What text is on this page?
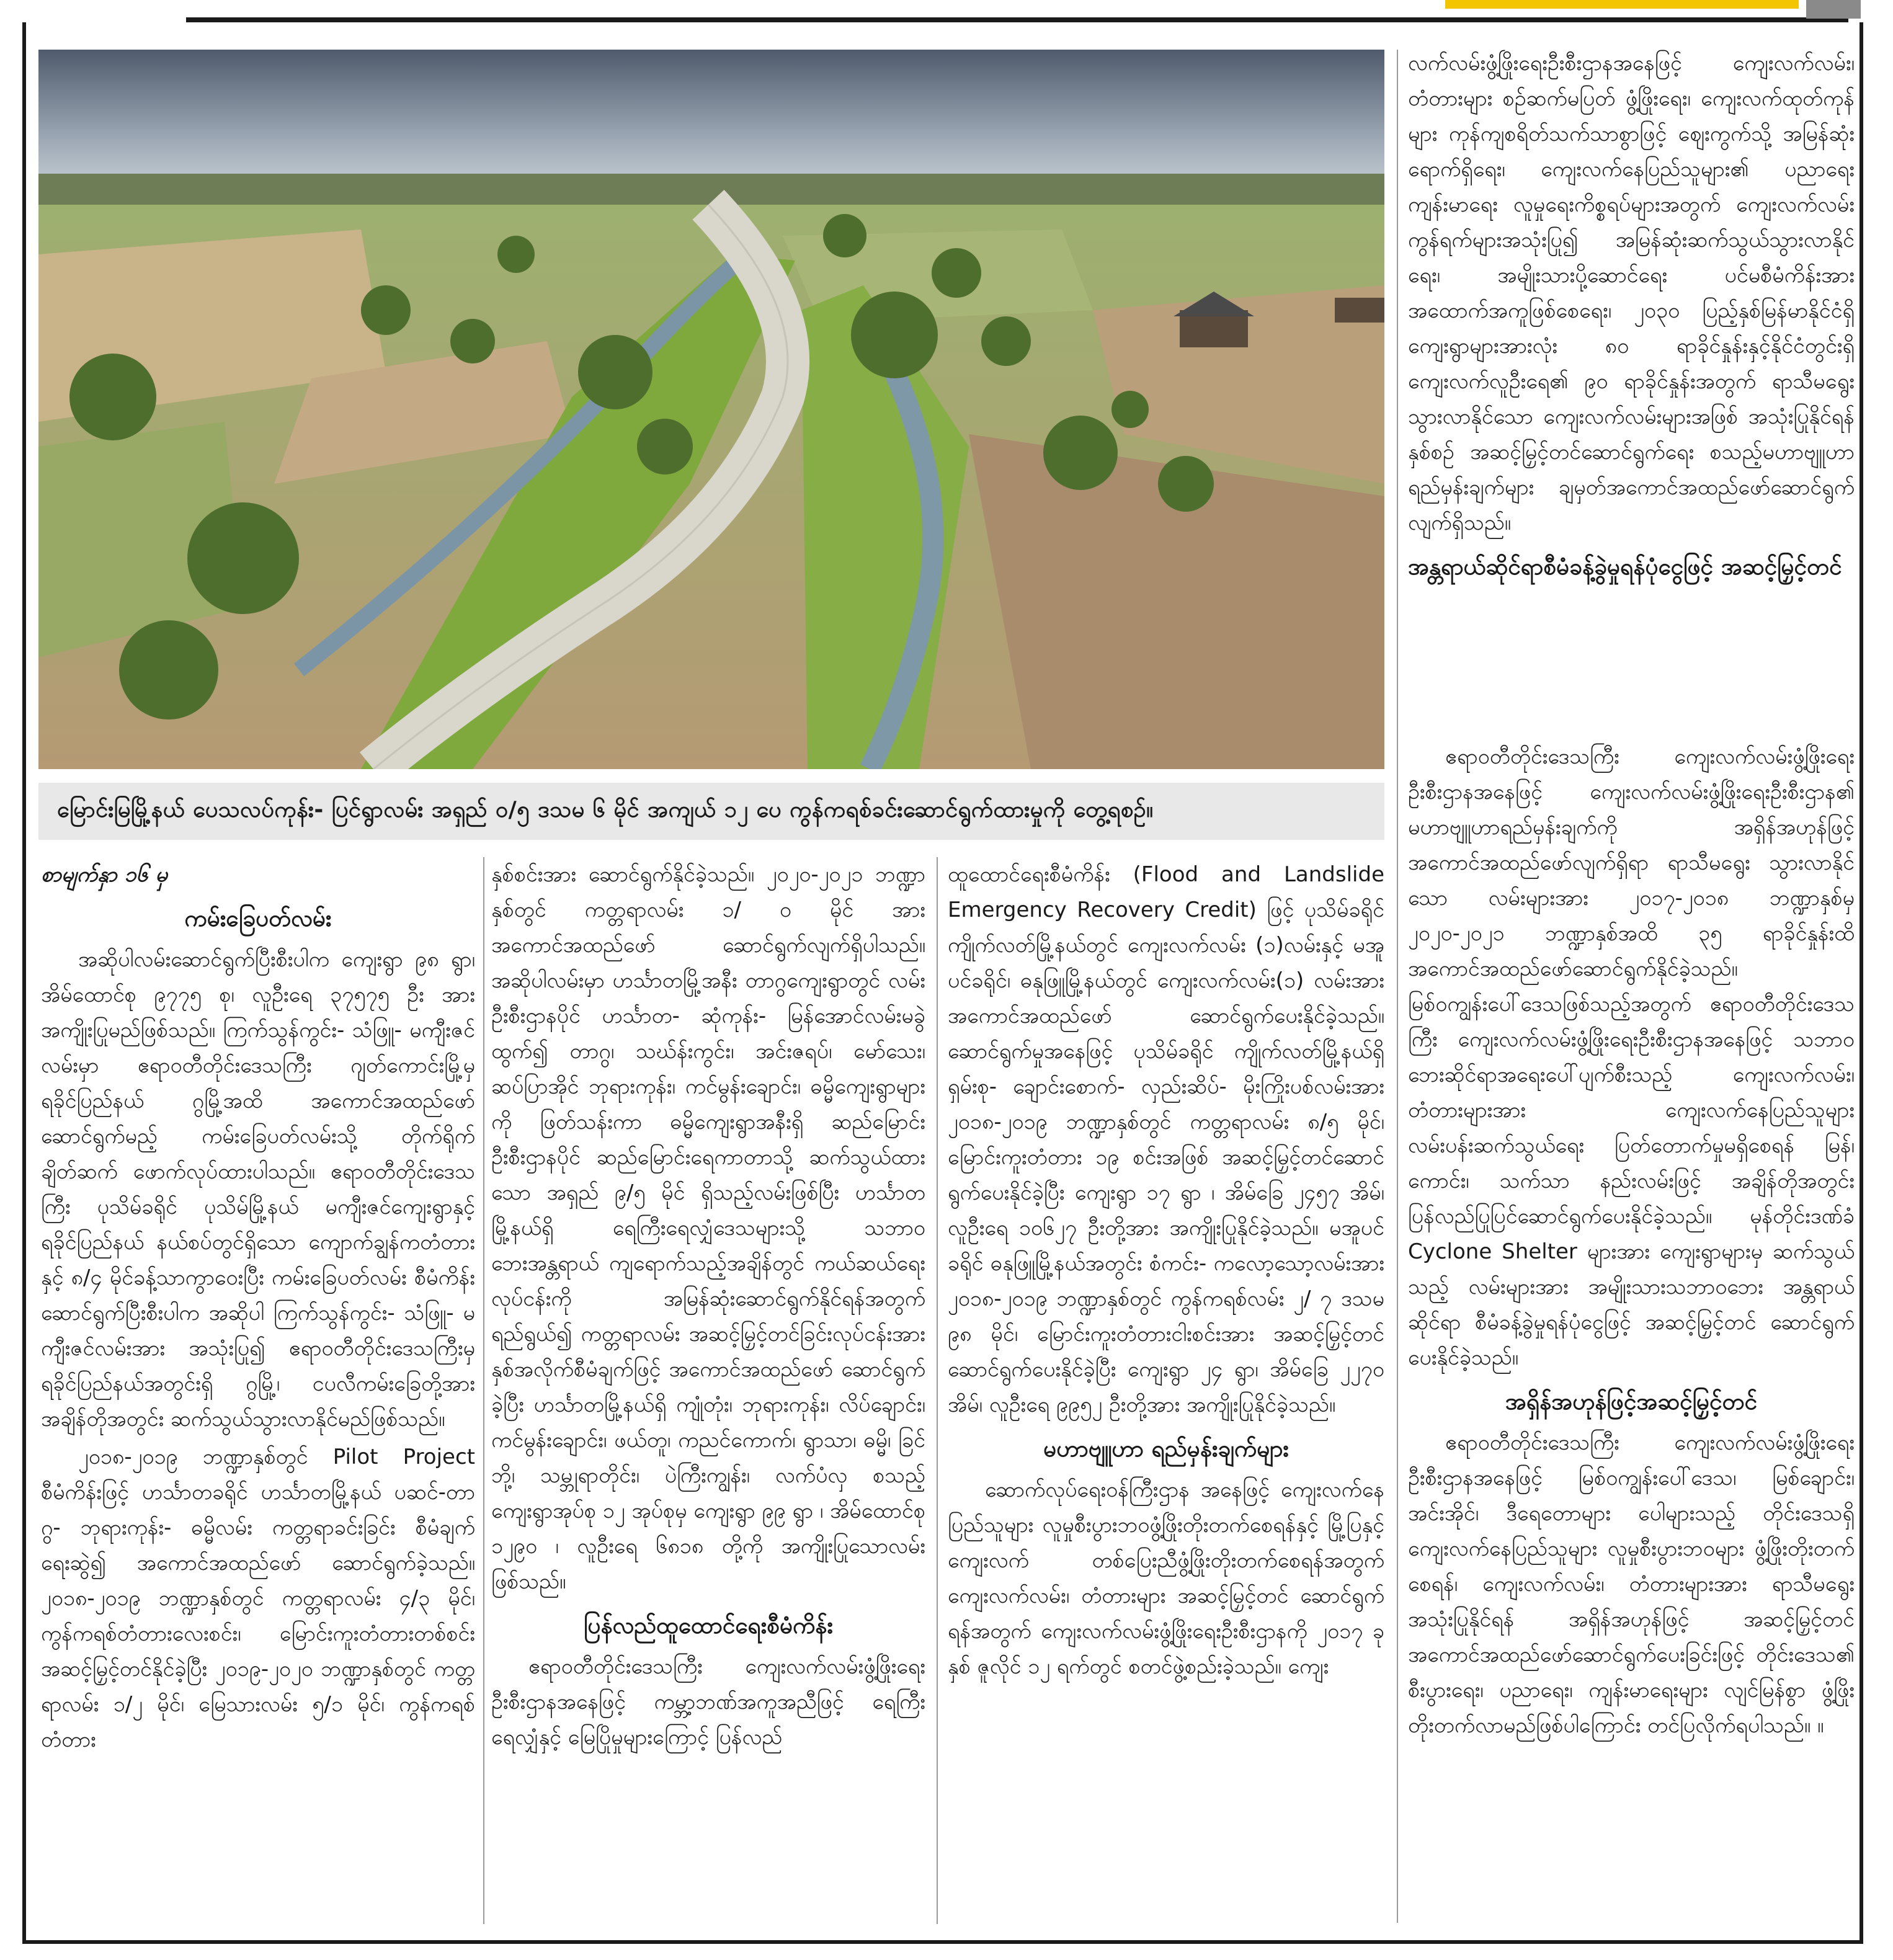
မြောင်းမြမြို့နယ် ပေသလပ်ကုန်း- ပြင်ရွာလမ်း အရှည် ဝ/၅ ဒသမ ၆ မိုင် အကျယ် ၁၂ ပေ ကွန်ကရစ်ခင်းဆောင်ရွက်ထားမှုကို တွေ့ရစဉ်။

လက်လမ်းဖွံ့ဖြိုးရေးဦးစီးဌာနအနေဖြင့် ကျေးလက်လမ်း၊ တံတားများ စဉ်ဆက်မပြတ် ဖွံ့ဖြိုးရေး၊ ကျေးလက်ထုတ်ကုန်များ ကုန်ကျစရိတ်သက်သာစွာဖြင့် ဈေးကွက်သို့ အမြန်ဆုံးရောက်ရှိရေး၊ ကျေးလက်နေပြည်သူများ၏ ပညာရေးကျန်းမာရေး လူမှုရေးကိစ္စရပ်များအတွက် ကျေးလက်လမ်းကွန်ရက်များအသုံးပြု၍ အမြန်ဆုံးဆက်သွယ်သွားလာနိုင်ရေး၊ အမျိုးသားပို့ဆောင်ရေး ပင်မစီမံကိန်းအား အထောက်အကူဖြစ်စေရေး၊ ၂၀၃၀ ပြည့်နှစ်မြန်မာနိုင်ငံရှိ ကျေးရွာများအားလုံး ၈၀ ရာခိုင်နှုန်းနှင့်နိုင်ငံတွင်းရှိ ကျေးလက်လူဦးရေ၏ ၉၀ ရာခိုင်နှုန်းအတွက် ရာသီမရွေး သွားလာနိုင်သော ကျေးလက်လမ်းများအဖြစ် အသုံးပြုနိုင်ရန်နှစ်စဉ် အဆင့်မြှင့်တင်ဆောင်ရွက်ရေး စသည့်မဟာဗျူဟာရည်မှန်းချက်များ ချမှတ်အကောင်အထည်ဖော်ဆောင်ရွက်လျက်ရှိသည်။

အန္တရာယ်ဆိုင်ရာစီမံခန့်ခွဲမှုရန်ပုံငွေဖြင့် အဆင့်မြှင့်တင်

ဧရာဝတီတိုင်းဒေသကြီး ကျေးလက်လမ်းဖွံ့ဖြိုးရေးဦးစီးဌာနအနေဖြင့် ကျေးလက်လမ်းဖွံ့ဖြိုးရေးဦးစီးဌာန၏ မဟာဗျူဟာရည်မှန်းချက်ကို အရှိန်အဟုန်ဖြင့် အကောင်အထည်ဖော်လျက်ရှိရာ ရာသီမရွေး သွားလာနိုင်သော လမ်းများအား ၂၀၁၇-၂၀၁၈ ဘဏ္ဍာနှစ်မှ ၂၀၂၀-၂၀၂၁ ဘဏ္ဍာနှစ်အထိ ၃၅ ရာခိုင်နှုန်းထိ အကောင်အထည်ဖော်ဆောင်ရွက်နိုင်ခဲ့သည်။ မြစ်ဝကျွန်းပေါ်ဒေသဖြစ်သည့်အတွက် ဧရာဝတီတိုင်းဒေသကြီး ကျေးလက်လမ်းဖွံ့ဖြိုးရေးဦးစီးဌာနအနေဖြင့် သဘာဝဘေးဆိုင်ရာအရေးပေါ်ပျက်စီးသည့် ကျေးလက်လမ်း၊ တံတားများအား ကျေးလက်နေပြည်သူများ လမ်းပန်းဆက်သွယ်ရေး ပြတ်တောက်မှုမရှိစေရန် မြန်၊ ကောင်း၊ သက်သာ နည်းလမ်းဖြင့် အချိန်တိုအတွင်း ပြန်လည်ပြုပြင်ဆောင်ရွက်ပေးနိုင်ခဲ့သည်။ မုန်တိုင်းဒဏ်ခံ Cyclone Shelter များအား ကျေးရွာများမှ ဆက်သွယ်သည့် လမ်းများအား အမျိုးသားသဘာဝဘေး အန္တရာယ်ဆိုင်ရာ စီမံခန့်ခွဲမှုရန်ပုံငွေဖြင့် အဆင့်မြှင့်တင် ဆောင်ရွက်ပေးနိုင်ခဲ့သည်။

အရှိန်အဟုန်ဖြင့်အဆင့်မြှင့်တင်

ဧရာဝတီတိုင်းဒေသကြီး ကျေးလက်လမ်းဖွံ့ဖြိုးရေးဦးစီးဌာနအနေဖြင့် မြစ်ဝကျွန်းပေါ်ဒေသ၊ မြစ်ချောင်း၊ အင်းအိုင်၊ ဒီရေတောများ ပေါများသည့် တိုင်းဒေသရှိ ကျေးလက်နေပြည်သူများ လူမှုစီးပွားဘဝများ ဖွံ့ဖြိုးတိုးတက်စေရန်၊ ကျေးလက်လမ်း၊ တံတားများအား ရာသီမရွေး အသုံးပြုနိုင်ရန် အရှိန်အဟုန်ဖြင့် အဆင့်မြှင့်တင် အကောင်အထည်ဖော်ဆောင်ရွက်ပေးခြင်းဖြင့် တိုင်းဒေသ၏ စီးပွားရေး၊ ပညာရေး၊ ကျန်းမာရေးများ လျင်မြန်စွာ ဖွံ့ဖြိုးတိုးတက်လာမည်ဖြစ်ပါကြောင်း တင်ပြလိုက်ရပါသည်။ ။

စာမျက်နှာ ၁၆ မှ
ကမ်းခြေပတ်လမ်း

အဆိုပါလမ်းဆောင်ရွက်ပြီးစီးပါက ကျေးရွာ ၉၈ ရွာ၊ အိမ်ထောင်စု ၉၇၇၅ စု၊ လူဦးရေ ၃၇၅၇၅ ဦး အား အကျိုးပြုမည်ဖြစ်သည်။ ကြက်သွန်ကွင်း- သံဖြူ- မကျီးဇင်လမ်းမှာ ဧရာဝတီတိုင်းဒေသကြီး ဂျတ်ကောင်းမြို့မှ ရခိုင်ပြည်နယ် ဂွမြို့အထိ အကောင်အထည်ဖော်ဆောင်ရွက်မည့် ကမ်းခြေပတ်လမ်းသို့ တိုက်ရိုက်ချိတ်ဆက် ဖောက်လုပ်ထားပါသည်။ ဧရာဝတီတိုင်းဒေသကြီး ပုသိမ်ခရိုင် ပုသိမ်မြို့နယ် မကျီးဇင်ကျေးရွာနှင့် ရခိုင်ပြည်နယ် နယ်စပ်တွင်ရှိသော ကျောက်ချွန်ကတံတားနှင့် ၈/၄ မိုင်ခန့်သာကွာဝေးပြီး ကမ်းခြေပတ်လမ်း စီမံကိန်း ဆောင်ရွက်ပြီးစီးပါက အဆိုပါ ကြက်သွန်ကွင်း- သံဖြူ- မကျီးဇင်လမ်းအား အသုံးပြု၍ ဧရာဝတီတိုင်းဒေသကြီးမှ ရခိုင်ပြည်နယ်အတွင်းရှိ ဂွမြို့၊ ငပလီကမ်းခြေတို့အား အချိန်တိုအတွင်း ဆက်သွယ်သွားလာနိုင်မည်ဖြစ်သည်။

၂၀၁၈-၂၀၁၉ ဘဏ္ဍာနှစ်တွင် Pilot Project စီမံကိန်းဖြင့် ဟင်္သာတခရိုင် ဟင်္သာတမြို့နယ် ပဆင်-တာဂွ- ဘုရားကုန်း- ဓမ္မိလမ်း ကတ္တရာခင်းခြင်း စီမံချက်ရေးဆွဲ၍ အကောင်အထည်ဖော် ဆောင်ရွက်ခဲ့သည်။ ၂၀၁၈-၂၀၁၉ ဘဏ္ဍာနှစ်တွင် ကတ္တရာလမ်း ၄/၃ မိုင်၊ ကွန်ကရစ်တံတားလေးစင်း၊ မြောင်းကူးတံတားတစ်စင်း အဆင့်မြှင့်တင်နိုင်ခဲ့ပြီး ၂၀၁၉-၂၀၂၀ ဘဏ္ဍာနှစ်တွင် ကတ္တရာလမ်း ၁/၂ မိုင်၊ မြေသားလမ်း ၅/၁ မိုင်၊ ကွန်ကရစ်တံတား

နှစ်စင်းအား ဆောင်ရွက်နိုင်ခဲ့သည်။ ၂၀၂၀-၂၀၂၁ ဘဏ္ဍာနှစ်တွင် ကတ္တရာလမ်း ၁/ ဝ မိုင် အား အကောင်အထည်ဖော် ဆောင်ရွက်လျက်ရှိပါသည်။ အဆိုပါလမ်းမှာ ဟင်္သာတမြို့အနီး တာဂွကျေးရွာတွင် လမ်းဦးစီးဌာနပိုင် ဟင်္သာတ- ဆုံကုန်း- မြန်အောင်လမ်းမခွဲထွက်၍ တာဂွ၊ သဃ်န်းကွင်း၊ အင်းဇရပ်၊ မော်သေး၊ ဆပ်ပြာအိုင် ဘုရားကုန်း၊ ကင်မွန်းချောင်း၊ ဓမ္မိကျေးရွာများကို ဖြတ်သန်းကာ ဓမ္မိကျေးရွာအနီးရှိ ဆည်မြောင်းဦးစီးဌာနပိုင် ဆည်မြောင်းရေကာတာသို့ ဆက်သွယ်ထားသော အရှည် ၉/၅ မိုင် ရှိသည့်လမ်းဖြစ်ပြီး ဟင်္သာတမြို့နယ်ရှိ ရေကြီးရေလျှံဒေသများသို့ သဘာဝဘေးအန္တရာယ် ကျရောက်သည့်အချိန်တွင် ကယ်ဆယ်ရေးလုပ်ငန်းကို အမြန်ဆုံးဆောင်ရွက်နိုင်ရန်အတွက် ရည်ရွယ်၍ ကတ္တရာလမ်း အဆင့်မြှင့်တင်ခြင်းလုပ်ငန်းအား နှစ်အလိုက်စီမံချက်ဖြင့် အကောင်အထည်ဖော် ဆောင်ရွက်ခဲ့ပြီး ဟင်္သာတမြို့နယ်ရှိ ကျုံတုံး၊ ဘုရားကုန်း၊ လိပ်ချောင်း၊ ကင်မွန်းချောင်း၊ ဖယ်တူ၊ ကညင်ကောက်၊ ရွာသာ၊ ဓမ္မိ၊ ခြင်ဘို့၊ သမ္ဘုရာတိုင်း၊ ပဲကြီးကျွန်း၊ လက်ပံလှ စသည့် ကျေးရွာအုပ်စု ၁၂ အုပ်စုမှ ကျေးရွာ ၉၉ ရွာ ၊ အိမ်ထောင်စု ၁၂၉၀ ၊ လူဦးရေ ၆၈၁၈ တို့ကို အကျိုးပြုသောလမ်းဖြစ်သည်။

ပြန်လည်ထူထောင်ရေးစီမံကိန်း

ဧရာဝတီတိုင်းဒေသကြီး ကျေးလက်လမ်းဖွံ့ဖြိုးရေးဦးစီးဌာနအနေဖြင့် ကမ္ဘာ့ဘဏ်အကူအညီဖြင့် ရေကြီး ရေလျှံနှင့် မြေပြိုမှုများကြောင့် ပြန်လည်

ထူထောင်ရေးစီမံကိန်း (Flood and Landslide Emergency Recovery Credit) ဖြင့် ပုသိမ်ခရိုင် ကျိုက်လတ်မြို့နယ်တွင် ကျေးလက်လမ်း (၁)လမ်းနှင့် မအူပင်ခရိုင်၊ ဓနုဖြူမြို့နယ်တွင် ကျေးလက်လမ်း(၁) လမ်းအား အကောင်အထည်ဖော် ဆောင်ရွက်ပေးနိုင်ခဲ့သည်။ ဆောင်ရွက်မှုအနေဖြင့် ပုသိမ်ခရိုင် ကျိုက်လတ်မြို့နယ်ရှိ ရှမ်းစု- ချောင်းစောက်- လှည်းဆိပ်- မိုးကြိုးပစ်လမ်းအား ၂၀၁၈-၂၀၁၉ ဘဏ္ဍာနှစ်တွင် ကတ္တရာလမ်း ၈/၅ မိုင်၊ မြောင်းကူးတံတား ၁၉ စင်းအဖြစ် အဆင့်မြှင့်တင်ဆောင်ရွက်ပေးနိုင်ခဲ့ပြီး ကျေးရွာ ၁၇ ရွာ ၊ အိမ်ခြေ ၂၄၅၇ အိမ်၊ လူဦးရေ ၁၀၆၂၇ ဦးတို့အား အကျိုးပြုနိုင်ခဲ့သည်။ မအူပင်ခရိုင် ဓနုဖြူမြို့နယ်အတွင်း စံကင်း- ကလော့သော့လမ်းအား ၂၀၁၈-၂၀၁၉ ဘဏ္ဍာနှစ်တွင် ကွန်ကရစ်လမ်း ၂/ ၇ ဒသမ ၉၈ မိုင်၊ မြောင်းကူးတံတားငါးစင်းအား အဆင့်မြှင့်တင် ဆောင်ရွက်ပေးနိုင်ခဲ့ပြီး ကျေးရွာ ၂၄ ရွာ၊ အိမ်ခြေ ၂၂၇၀ အိမ်၊ လူဦးရေ ၉၉၅၂ ဦးတို့အား အကျိုးပြုနိုင်ခဲ့သည်။

မဟာဗျူဟာ ရည်မှန်းချက်များ

ဆောက်လုပ်ရေးဝန်ကြီးဌာန အနေဖြင့် ကျေးလက်နေပြည်သူများ လူမှုစီးပွားဘဝဖွံ့ဖြိုးတိုးတက်စေရန်နှင့် မြို့ပြနှင့် ကျေးလက် တစ်ပြေးညီဖွံ့ဖြိုးတိုးတက်စေရန်အတွက် ကျေးလက်လမ်း၊ တံတားများ အဆင့်မြှင့်တင် ဆောင်ရွက်ရန်အတွက် ကျေးလက်လမ်းဖွံ့ဖြိုးရေးဦးစီးဌာနကို ၂၀၁၇ ခုနှစ် ဇူလိုင် ၁၂ ရက်တွင် စတင်ဖွဲ့စည်းခဲ့သည်။ ကျေး
